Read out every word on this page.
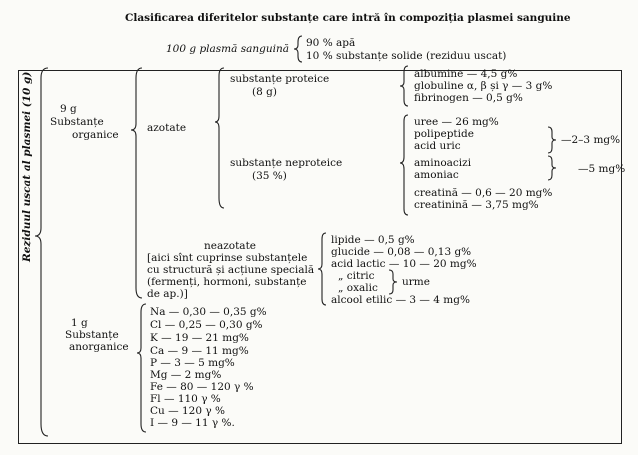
Clasificarea diferitelor substanțe care intră în compoziția plasmei sanguine
100 g plasmă sanguină 90 % apă
10 % substanțe solide (reziduu uscat)
Reziduul uscat al plasmei (10 g)	9 g
Substanțe
organice
azotate
substanțe proteice
(8 g)
albumine — 4,5 g%
globuline α, β și γ — 3 g%
fibrinogen — 0,5 g%
substanțe neproteice
(35 %)
uree — 26 mg%
polipeptide
acid uric	—2–3 mg%
aminoacizi
amoniac	—5 mg%
creatină — 0,6 — 20 mg%
creatinină — 3,75 mg%
neazotate
[aici sînt cuprinse substanțele
cu structură și acțiune specială
(fermenți, hormoni, substanțe
de ap.)]
lipide — 0,5 g%
glucide — 0,08 — 0,13 g%
acid lactic — 10 — 20 mg%
„ citric
„ oxalic urme
alcool etilic — 3 — 4 mg%
1 g
Substanțe
anorganice
Na — 0,30 — 0,35 g%
Cl — 0,25 — 0,30 g%
K — 19 — 21 mg%
Ca — 9 — 11 mg%
P — 3 — 5 mg%
Mg — 2 mg%
Fe — 80 — 120 γ %
Fl — 110 γ %
Cu — 120 γ %
I — 9 — 11 γ %.
